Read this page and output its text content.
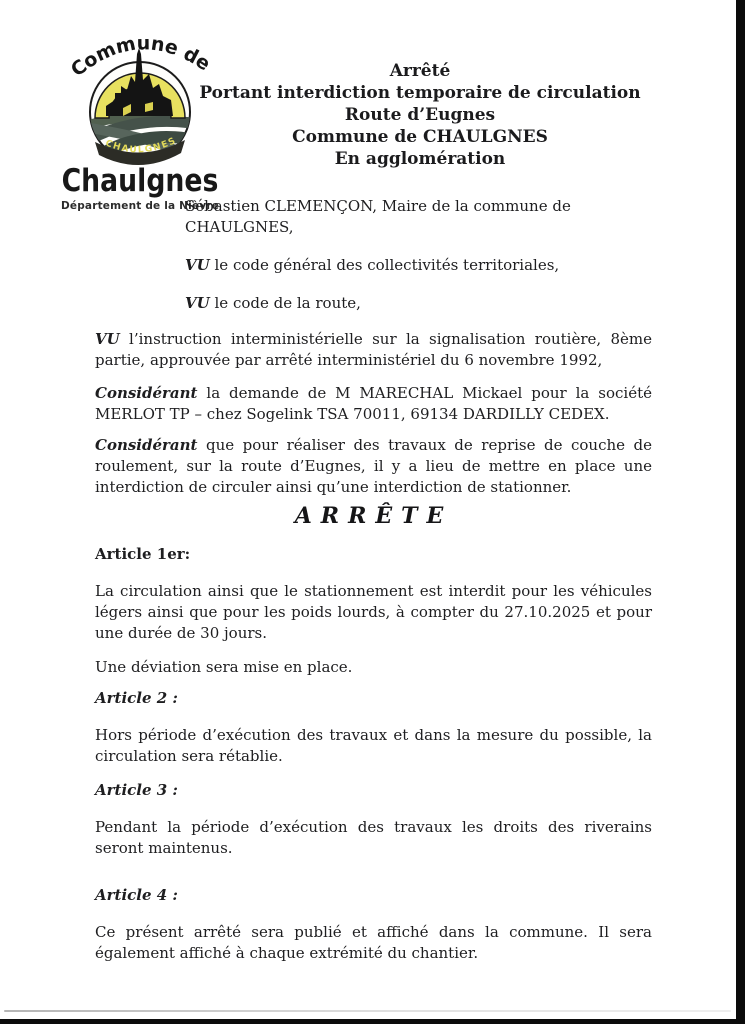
Commune de
CHAULGNES
Chaulgnes
Département de la Nièvre
Arrêté
Portant interdiction temporaire de circulation
Route d’Eugnes
Commune de CHAULGNES
En agglomération

Sébastien CLEMENÇON, Maire de la commune de CHAULGNES,

VU le code général des collectivités territoriales,

VU le code de la route,

VU l’instruction interministérielle sur la signalisation routière, 8ème partie, approuvée par arrêté interministériel du 6 novembre 1992,

Considérant la demande de M MARECHAL Mickael pour la société MERLOT TP – chez Sogelink TSA 70011, 69134 DARDILLY CEDEX.

Considérant que pour réaliser des travaux de reprise de couche de roulement, sur la route d’Eugnes, il y a lieu de mettre en place une interdiction de circuler ainsi qu’une interdiction de stationner.

ARRÊTE

Article 1er:

La circulation ainsi que le stationnement est interdit pour les véhicules légers ainsi que pour les poids lourds, à compter du 27.10.2025 et pour une durée de 30 jours.

Une déviation sera mise en place.

Article 2 :

Hors période d’exécution des travaux et dans la mesure du possible, la circulation sera rétablie.

Article 3 :

Pendant la période d’exécution des travaux les droits des riverains seront maintenus.

Article 4 :

Ce présent arrêté sera publié et affiché dans la commune. Il sera également affiché à chaque extrémité du chantier.
